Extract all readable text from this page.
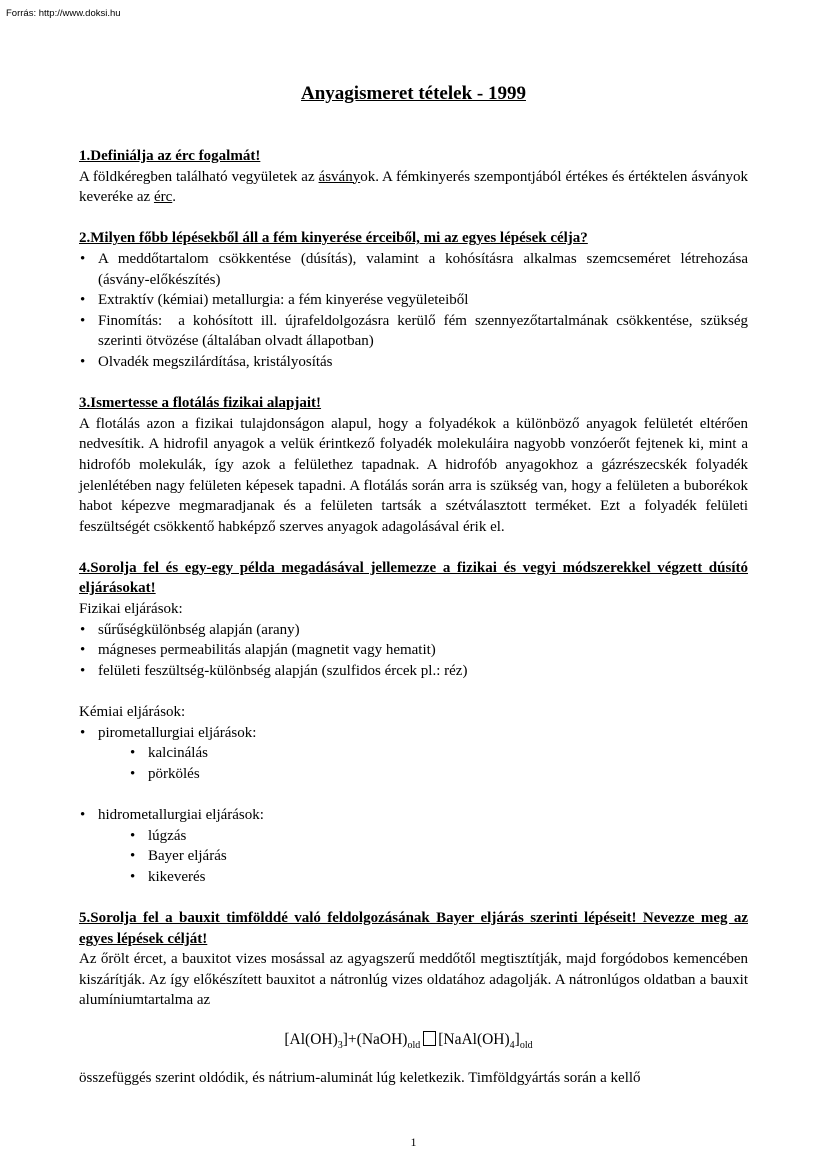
Forrás: http://www.doksi.hu
Anyagismeret tételek - 1999

1.Definiálja az érc fogalmát!

A földkéregben található vegyületek az ásványok. A fémkinyerés szempontjából értékes és értéktelen ásványok keveréke az érc.

2.Milyen főbb lépésekből áll a fém kinyerése érceiből, mi az egyes lépések célja?

• A meddőtartalom csökkentése (dúsítás), valamint a kohósításra alkalmas szemcseméret létrehozása (ásvány-előkészítés)
• Extraktív (kémiai) metallurgia: a fém kinyerése vegyületeiből
• Finomítás:  a kohósított ill. újrafeldolgozásra kerülő fém szennyezőtartalmának csökkentése, szükség szerinti ötvözése (általában olvadt állapotban)
• Olvadék megszilárdítása, kristályosítás

3.Ismertesse a flotálás fizikai alapjait!

A flotálás azon a fizikai tulajdonságon alapul, hogy a folyadékok a különböző anyagok felületét eltérően nedvesítik. A hidrofil anyagok a velük érintkező folyadék molekuláira nagyobb vonzóerőt fejtenek ki, mint a hidrofób molekulák, így azok a felülethez tapadnak. A hidrofób anyagokhoz a gázrészecskék folyadék jelenlétében nagy felületen képesek tapadni. A flotálás során arra is szükség van, hogy a felületen a buborékok habot képezve megmaradjanak és a felületen tartsák a szétválasztott terméket. Ezt a folyadék felületi feszültségét csökkentő habképző szerves anyagok adagolásával érik el.

4.Sorolja fel és egy-egy példa megadásával jellemezze a fizikai és vegyi módszerekkel végzett dúsító eljárásokat!

Fizikai eljárások:

• sűrűségkülönbség alapján (arany)
• mágneses permeabilitás alapján (magnetit vagy hematit)
• felületi feszültség-különbség alapján (szulfidos ércek pl.: réz)

Kémiai eljárások:

• pirometallurgiai eljárások:
• kalcinálás
• pörkölés
• hidrometallurgiai eljárások:
• lúgzás
• Bayer eljárás
• kikeverés

5.Sorolja fel a bauxit timfölddé való feldolgozásának Bayer eljárás szerinti lépéseit! Nevezze meg az egyes lépések célját!

Az őrölt ércet, a bauxitot vizes mosással az agyagszerű meddőtől megtisztítják, majd forgódobos kemencében kiszárítják. Az így előkészített bauxitot a nátronlúg vizes oldatához adagolják. A nátronlúgos oldatban a bauxit alumíniumtartalma az

$[Al(OH)_3]+(NaOH)_{old}$ $[NaAl(OH)_4]_{old}$

összefüggés szerint oldódik, és nátrium-aluminát lúg keletkezik. Timföldgyártás során a kellő

1
